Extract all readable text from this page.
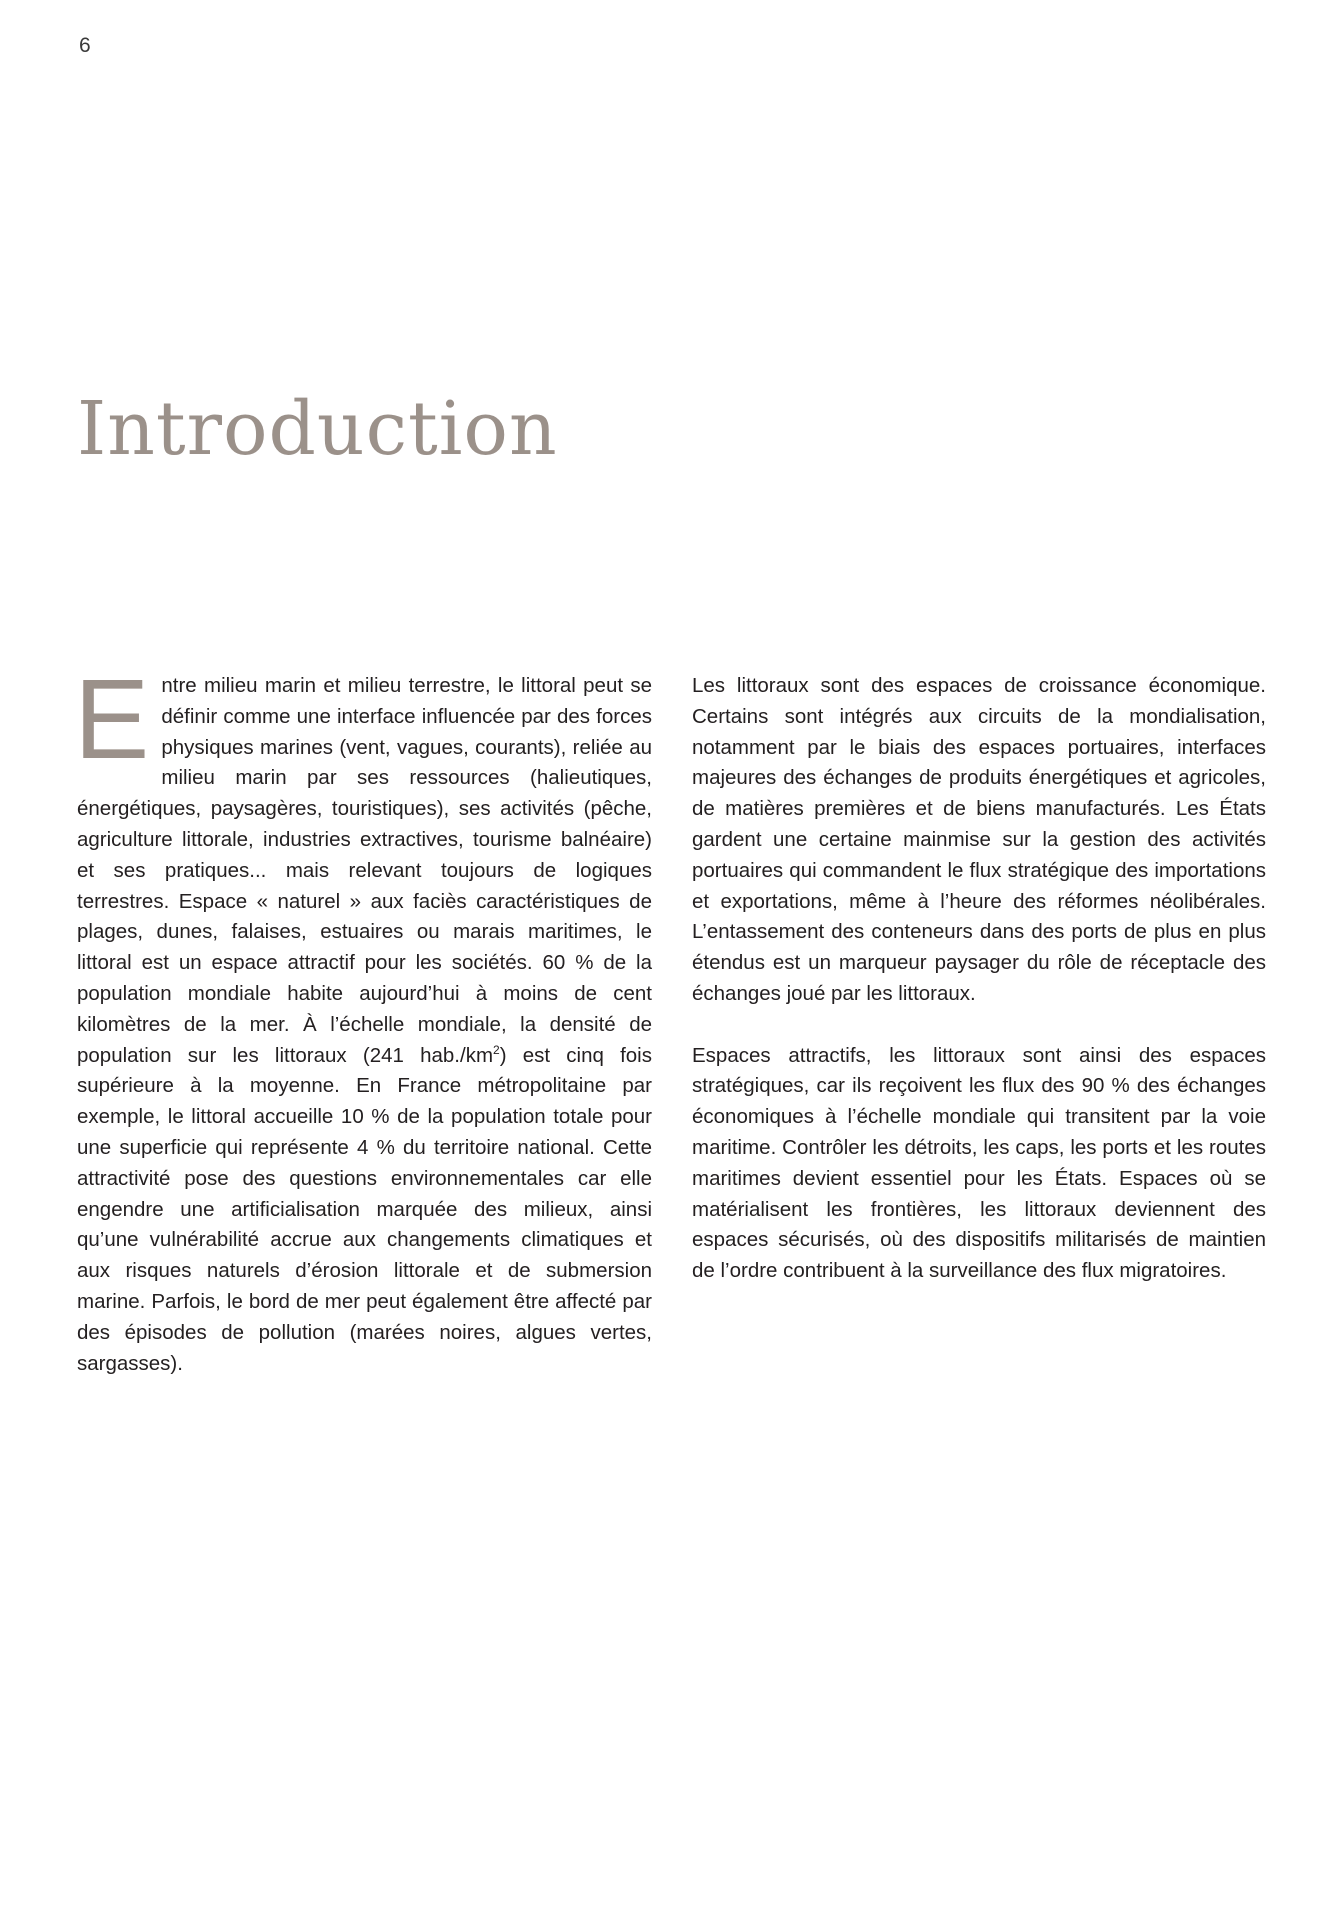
6
Introduction

Entre milieu marin et milieu terrestre, le littoral peut se définir comme une interface influencée par des forces physiques marines (vent, vagues, courants), reliée au milieu marin par ses ressources (halieutiques, énergétiques, paysagères, touristiques), ses activités (pêche, agriculture littorale, industries extractives, tourisme balnéaire) et ses pratiques... mais relevant toujours de logiques terrestres. Espace « naturel » aux faciès caractéristiques de plages, dunes, falaises, estuaires ou marais maritimes, le littoral est un espace attractif pour les sociétés. 60 % de la population mondiale habite aujourd’hui à moins de cent kilomètres de la mer. À l’échelle mondiale, la densité de population sur les littoraux (241 $hab./km^2$) est cinq fois supérieure à la moyenne. En France métropolitaine par exemple, le littoral accueille 10 % de la population totale pour une superficie qui représente 4 % du territoire national. Cette attractivité pose des questions environnementales car elle engendre une artificialisation marquée des milieux, ainsi qu’une vulnérabilité accrue aux changements climatiques et aux risques naturels d’érosion littorale et de submersion marine. Parfois, le bord de mer peut également être affecté par des épisodes de pollution (marées noires, algues vertes, sargasses).

Les littoraux sont des espaces de croissance économique. Certains sont intégrés aux circuits de la mondialisation, notamment par le biais des espaces portuaires, interfaces majeures des échanges de produits énergétiques et agricoles, de matières premières et de biens manufacturés. Les États gardent une certaine mainmise sur la gestion des activités portuaires qui commandent le flux stratégique des importations et exportations, même à l’heure des réformes néolibérales. L’entassement des conteneurs dans des ports de plus en plus étendus est un marqueur paysager du rôle de réceptacle des échanges joué par les littoraux.

Espaces attractifs, les littoraux sont ainsi des espaces stratégiques, car ils reçoivent les flux des 90 % des échanges économiques à l’échelle mondiale qui transitent par la voie maritime. Contrôler les détroits, les caps, les ports et les routes maritimes devient essentiel pour les États. Espaces où se matérialisent les frontières, les littoraux deviennent des espaces sécurisés, où des dispositifs militarisés de maintien de l’ordre contribuent à la surveillance des flux migratoires.
